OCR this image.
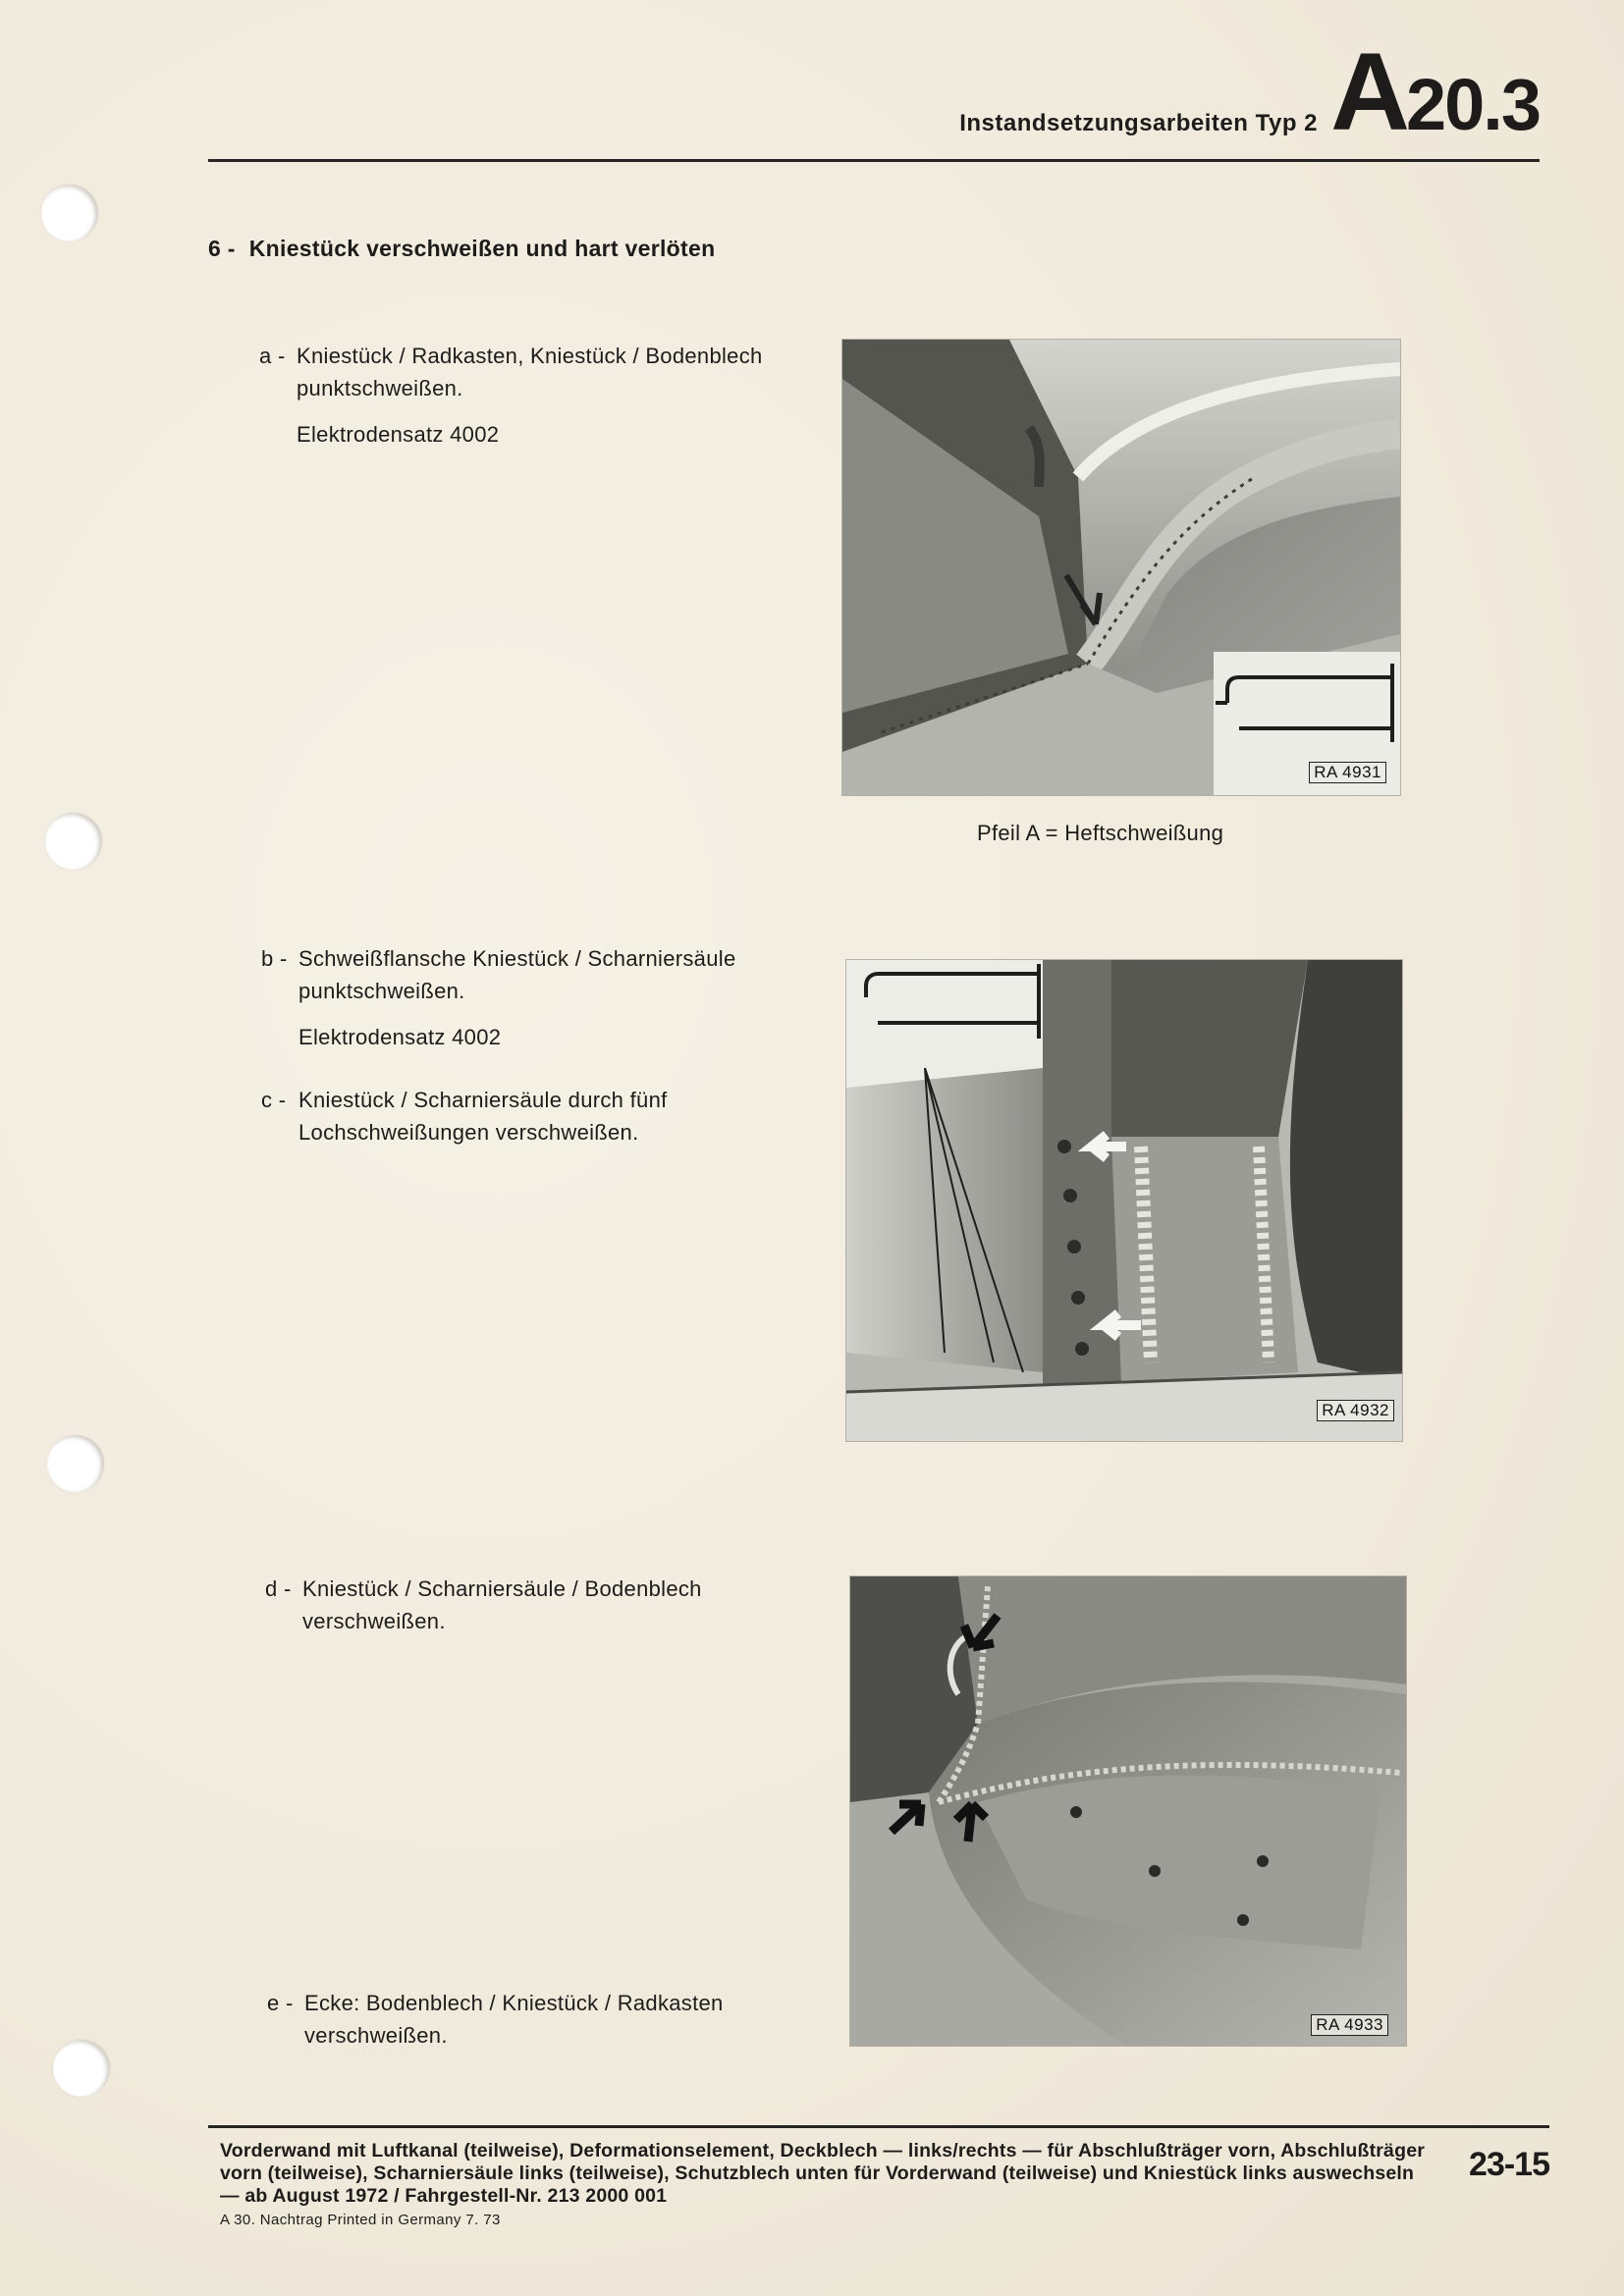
Instandsetzungsarbeiten Typ 2 A20.3
6 - Kniestück verschweißen und hart verlöten
a - Kniestück / Radkasten, Kniestück / Bodenblech punktschweißen.
Elektrodensatz 4002
RA 4931
Pfeil A = Heftschweißung
b - Schweißflansche Kniestück / Scharniersäule punktschweißen.
Elektrodensatz 4002
c - Kniestück / Scharniersäule durch fünf Lochschweißungen verschweißen.
RA 4932
d - Kniestück / Scharniersäule / Bodenblech verschweißen.
RA 4933
e - Ecke: Bodenblech / Kniestück / Radkasten verschweißen.
Vorderwand mit Luftkanal (teilweise), Deformationselement, Deckblech — links/rechts — für Abschlußträger vorn, Abschlußträger vorn (teilweise), Scharniersäule links (teilweise), Schutzblech unten für Vorderwand (teilweise) und Kniestück links auswechseln — ab August 1972 / Fahrgestell-Nr. 213 2000 001
23-15
A 30. Nachtrag Printed in Germany 7. 73
